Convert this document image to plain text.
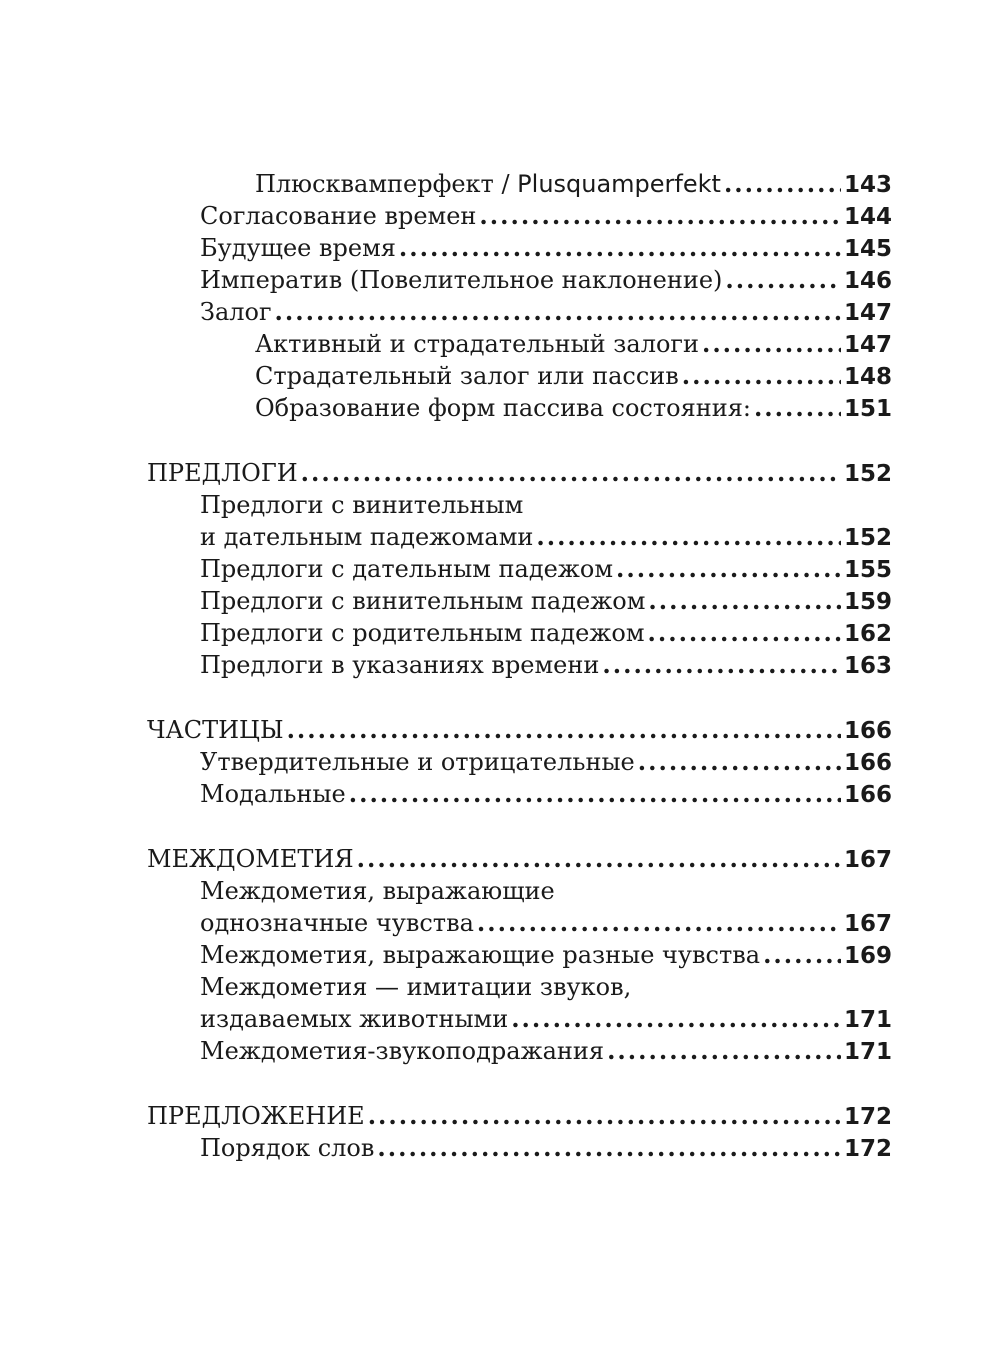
Плюсквамперфект / Plusquamperfekt .....	143
Согласование времен .....	144
Будущее время .....	145
Императив (Повелительное наклонение) .....	146
Залог .....	147
Активный и страдательный залоги .....	147
Страдательный залог или пассив .....	148
Образование форм пассива состояния: .....	151
ПРЕДЛОГИ .....	152
Предлоги с винительным
и дательным падежомами .....	152
Предлоги с дательным падежом .....	155
Предлоги с винительным падежом .....	159
Предлоги с родительным падежом .....	162
Предлоги в указаниях времени .....	163
ЧАСТИЦЫ .....	166
Утвердительные и отрицательные .....	166
Модальные .....	166
МЕЖДОМЕТИЯ .....	167
Междометия, выражающие
однозначные чувства .....	167
Междометия, выражающие разные чувства .....	169
Междометия — имитации звуков,
издаваемых животными .....	171
Междометия-звукоподражания .....	171
ПРЕДЛОЖЕНИЕ .....	172
Порядок слов .....	172
